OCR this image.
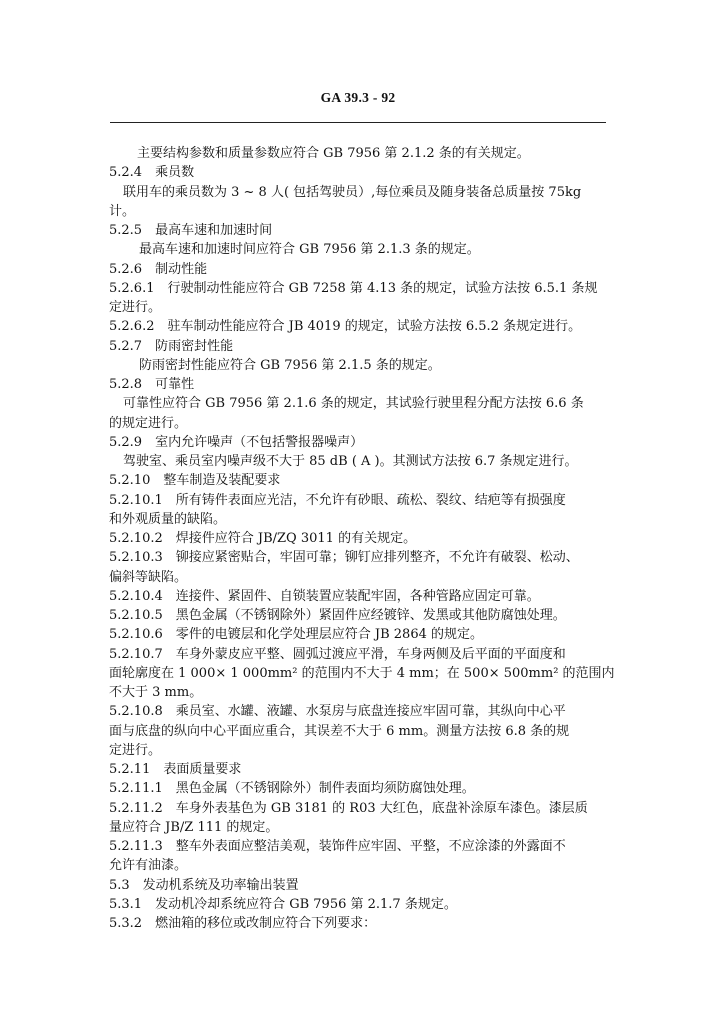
GA 39.3 - 92
主要结构参数和质量参数应符合 GB 7956 第 2.1.2 条的有关规定。
5.2.4　乘员数
联用车的乘员数为 3 ~ 8 人( 包括驾驶员）,每位乘员及随身装备总质量按 75kg
计。
5.2.5　最高车速和加速时间
最高车速和加速时间应符合 GB 7956 第 2.1.3 条的规定。
5.2.6　制动性能
5.2.6.1　行驶制动性能应符合 GB 7258 第 4.13 条的规定，试验方法按 6.5.1 条规
定进行。
5.2.6.2　驻车制动性能应符合 JB 4019 的规定，试验方法按 6.5.2 条规定进行。
5.2.7　防雨密封性能
防雨密封性能应符合 GB 7956 第 2.1.5 条的规定。
5.2.8　可靠性
可靠性应符合 GB 7956 第 2.1.6 条的规定，其试验行驶里程分配方法按 6.6 条
的规定进行。
5.2.9　室内允许噪声（不包括警报器噪声）
驾驶室、乘员室内噪声级不大于 85 dB ( A )。其测试方法按 6.7 条规定进行。
5.2.10　整车制造及装配要求
5.2.10.1　所有铸件表面应光洁，不允许有砂眼、疏松、裂纹、结疤等有损强度
和外观质量的缺陷。
5.2.10.2　焊接件应符合 JB/ZQ 3011 的有关规定。
5.2.10.3　铆接应紧密贴合，牢固可靠；铆钉应排列整齐，不允许有破裂、松动、
偏斜等缺陷。
5.2.10.4　连接件、紧固件、自锁装置应装配牢固，各种管路应固定可靠。
5.2.10.5　黑色金属（不锈钢除外）紧固件应经镀锌、发黑或其他防腐蚀处理。
5.2.10.6　零件的电镀层和化学处理层应符合 JB 2864 的规定。
5.2.10.7　车身外蒙皮应平整、圆弧过渡应平滑，车身两侧及后平面的平面度和
面轮廓度在 1 000× 1 000mm² 的范围内不大于 4 mm；在 500× 500mm² 的范围内
不大于 3 mm。
5.2.10.8　乘员室、水罐、液罐、水泵房与底盘连接应牢固可靠，其纵向中心平
面与底盘的纵向中心平面应重合，其误差不大于 6 mm。测量方法按 6.8 条的规
定进行。
5.2.11　表面质量要求
5.2.11.1　黑色金属（不锈钢除外）制件表面均须防腐蚀处理。
5.2.11.2　车身外表基色为 GB 3181 的 R03 大红色，底盘补涂原车漆色。漆层质
量应符合 JB/Z 111 的规定。
5.2.11.3　整车外表面应整洁美观，装饰件应牢固、平整，不应涂漆的外露面不
允许有油漆。
5.3　发动机系统及功率输出装置
5.3.1　发动机冷却系统应符合 GB 7956 第 2.1.7 条规定。
5.3.2　燃油箱的移位或改制应符合下列要求：
